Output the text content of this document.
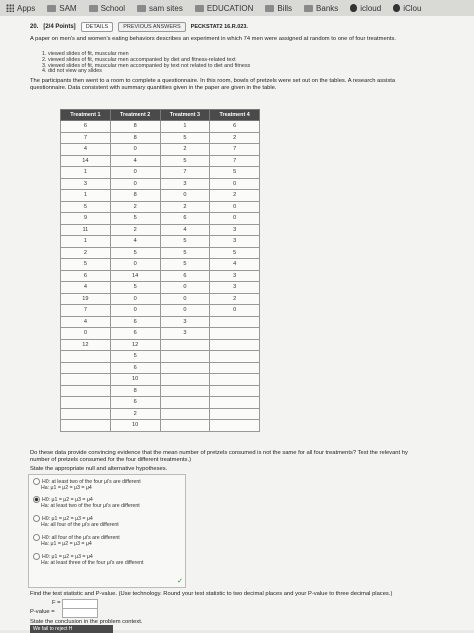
Apps	SAM	School	sam sites	EDUCATION	Bills	Banks	icloud	iClou
20. [2/4 Points]	DETAILS	PREVIOUS ANSWERS	PECKSTAT2 16.R.023.
A paper on men's and women's eating behaviors describes an experiment in which 74 men were assigned at random to one of four treatments.
1. viewed slides of fit, muscular men
2. viewed slides of fit, muscular men accompanied by diet and fitness-related text
3. viewed slides of fit, muscular men accompanied by text not related to diet and fitness
4. did not view any slides
The participants then went to a room to complete a questionnaire. In this room, bowls of pretzels were set out on the tables. A research assista
questionnaire. Data consistent with summary quantities given in the paper are given in the table.
Treatment 1	Treatment 2	Treatment 3	Treatment 4
6	8	1	6
7	8	5	2
4	0	2	7
14	4	5	7
1	0	7	5
3	0	3	0
1	8	0	2
5	2	2	0
9	5	6	0
11	2	4	3
1	4	5	3
2	5	5	5
5	0	5	4
6	14	6	3
4	5	0	3
19	0	0	2
7	0	0	0
4	6	3	
0	6	3	
12	12		
	5		
	6		
	10		
	8		
	6		
	2		
	10		
Do these data provide convincing evidence that the mean number of pretzels consumed is not the same for all four treatments? Test the relevant hy
number of pretzels consumed for the four different treatments.)
State the appropriate null and alternative hypotheses.
H0: at least two of the four μi's are different
Ha: μ1 = μ2 = μ3 = μ4
H0: μ1 = μ2 = μ3 = μ4
Ha: at least two of the four μi's are different
H0: μ1 = μ2 = μ3 = μ4
Ha: all four of the μi's are different
H0: all four of the μi's are different
Ha: μ1 = μ2 = μ3 = μ4
H0: μ1 = μ2 = μ3 = μ4
Ha: at least three of the four μi's are different
✓
Find the test statistic and P-value. (Use technology. Round your test statistic to two decimal places and your P-value to three decimal places.)
F =
P-value =
State the conclusion in the problem context.
We fail to reject H
